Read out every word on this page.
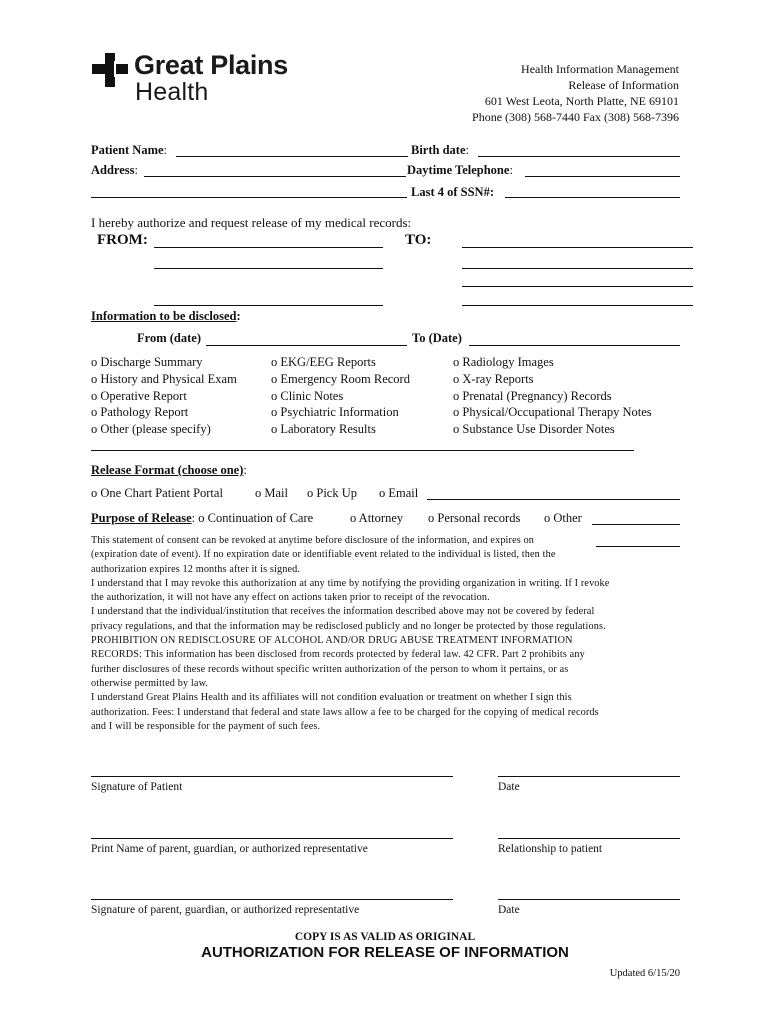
Great Plains
Health
Health Information Management
Release of Information
601 West Leota, North Platte, NE 69101
Phone (308) 568-7440 Fax (308) 568-7396
Patient Name:	Birth date:
Address:	Daytime Telephone:
Last 4 of SSN#:
I hereby authorize and request release of my medical records:
FROM:	TO:
Information to be disclosed:
From (date)	To (Date)
o Discharge Summary
o History and Physical Exam
o Operative Report
o Pathology Report
o Other (please specify)
o EKG/EEG Reports
o Emergency Room Record
o Clinic Notes
o Psychiatric Information
o Laboratory Results
o Radiology Images
o X-ray Reports
o Prenatal (Pregnancy) Records
o Physical/Occupational Therapy Notes
o Substance Use Disorder Notes
Release Format (choose one):
o One Chart Patient Portal	o Mail o Pick Up o Email
Purpose of Release: o Continuation of Care	o Attorney o Personal records o Other
This statement of consent can be revoked at anytime before disclosure of the information, and expires on
(expiration date of event). If no expiration date or identifiable event related to the individual is listed, then the
authorization expires 12 months after it is signed.
I understand that I may revoke this authorization at any time by notifying the providing organization in writing. If I revoke
the authorization, it will not have any effect on actions taken prior to receipt of the revocation.
I understand that the individual/institution that receives the information described above may not be covered by federal
privacy regulations, and that the information may be redisclosed publicly and no longer be protected by those regulations.
PROHIBITION ON REDISCLOSURE OF ALCOHOL AND/OR DRUG ABUSE TREATMENT INFORMATION
RECORDS: This information has been disclosed from records protected by federal law. 42 CFR. Part 2 prohibits any
further disclosures of these records without specific written authorization of the person to whom it pertains, or as
otherwise permitted by law.
I understand Great Plains Health and its affiliates will not condition evaluation or treatment on whether I sign this
authorization. Fees: I understand that federal and state laws allow a fee to be charged for the copying of medical records
and I will be responsible for the payment of such fees.
Signature of Patient	Date
Print Name of parent, guardian, or authorized representative	Relationship to patient
Signature of parent, guardian, or authorized representative	Date
COPY IS AS VALID AS ORIGINAL
AUTHORIZATION FOR RELEASE OF INFORMATION
Updated 6/15/20
